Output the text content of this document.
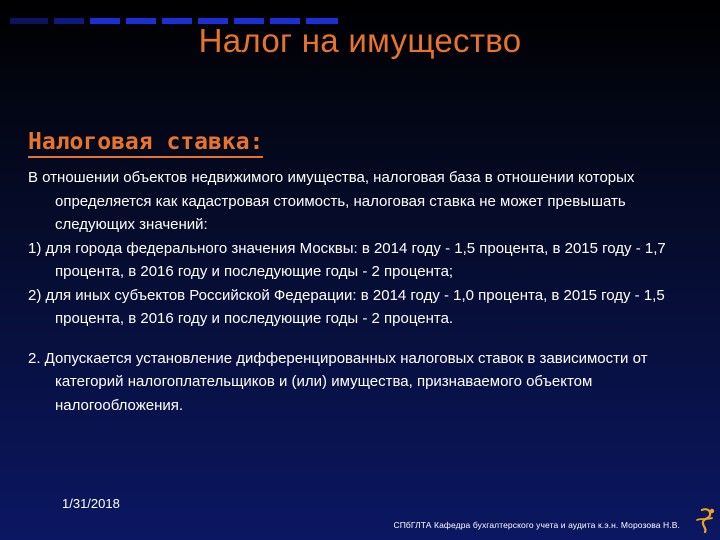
Налог на имущество
Налоговая ставка:

В отношении объектов недвижимого имущества, налоговая база в отношении которых определяется как кадастровая стоимость, налоговая ставка не может превышать следующих значений:

1) для города федерального значения Москвы: в 2014 году - 1,5 процента, в 2015 году - 1,7 процента, в 2016 году и последующие годы - 2 процента;

2) для иных субъектов Российской Федерации: в 2014 году - 1,0 процента, в 2015 году - 1,5 процента, в 2016 году и последующие годы - 2 процента.

2. Допускается установление дифференцированных налоговых ставок в зависимости от категорий налогоплательщиков и (или) имущества, признаваемого объектом налогообложения.

1/31/2018
СПбГЛТА Кафедра бухгалтерского учета и аудита к.э.н. Морозова Н.В.
